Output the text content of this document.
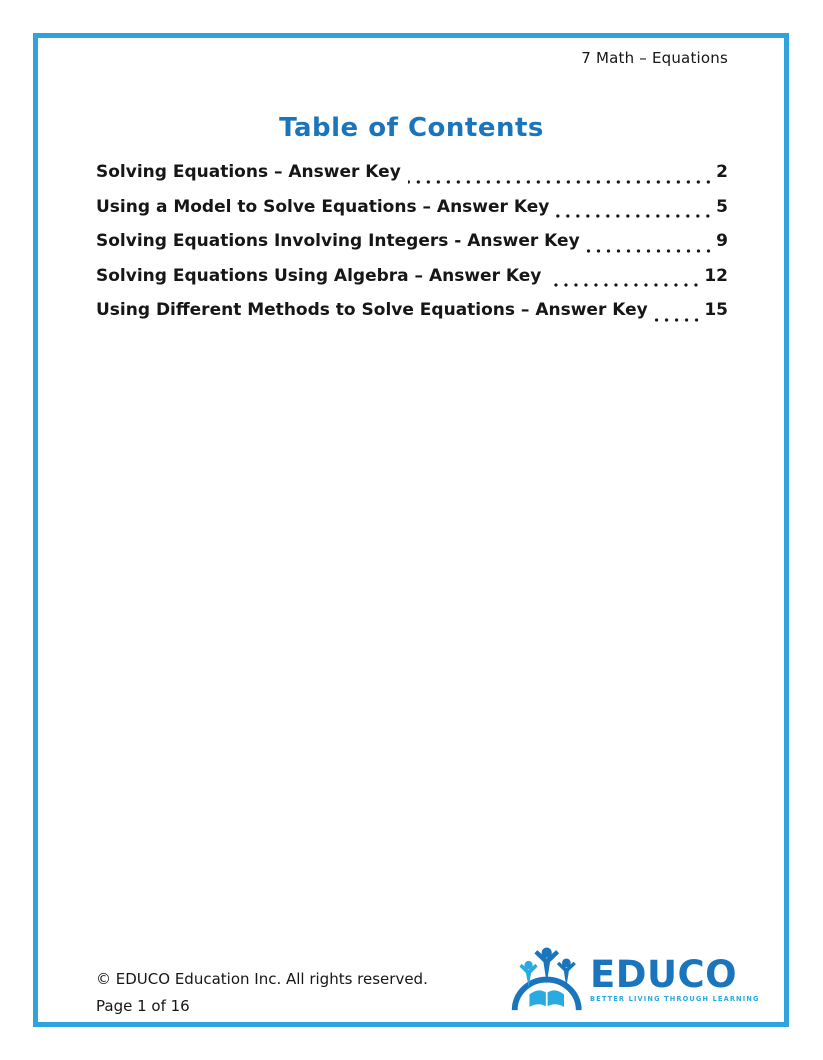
7 Math – Equations
Table of Contents
Solving Equations – Answer Key	2
Using a Model to Solve Equations – Answer Key	5
Solving Equations Involving Integers - Answer Key	9
Solving Equations Using Algebra – Answer Key	12
Using Different Methods to Solve Equations – Answer Key	15
© EDUCO Education Inc. All rights reserved.
Page 1 of 16
EDUCO
BETTER LIVING THROUGH LEARNING
